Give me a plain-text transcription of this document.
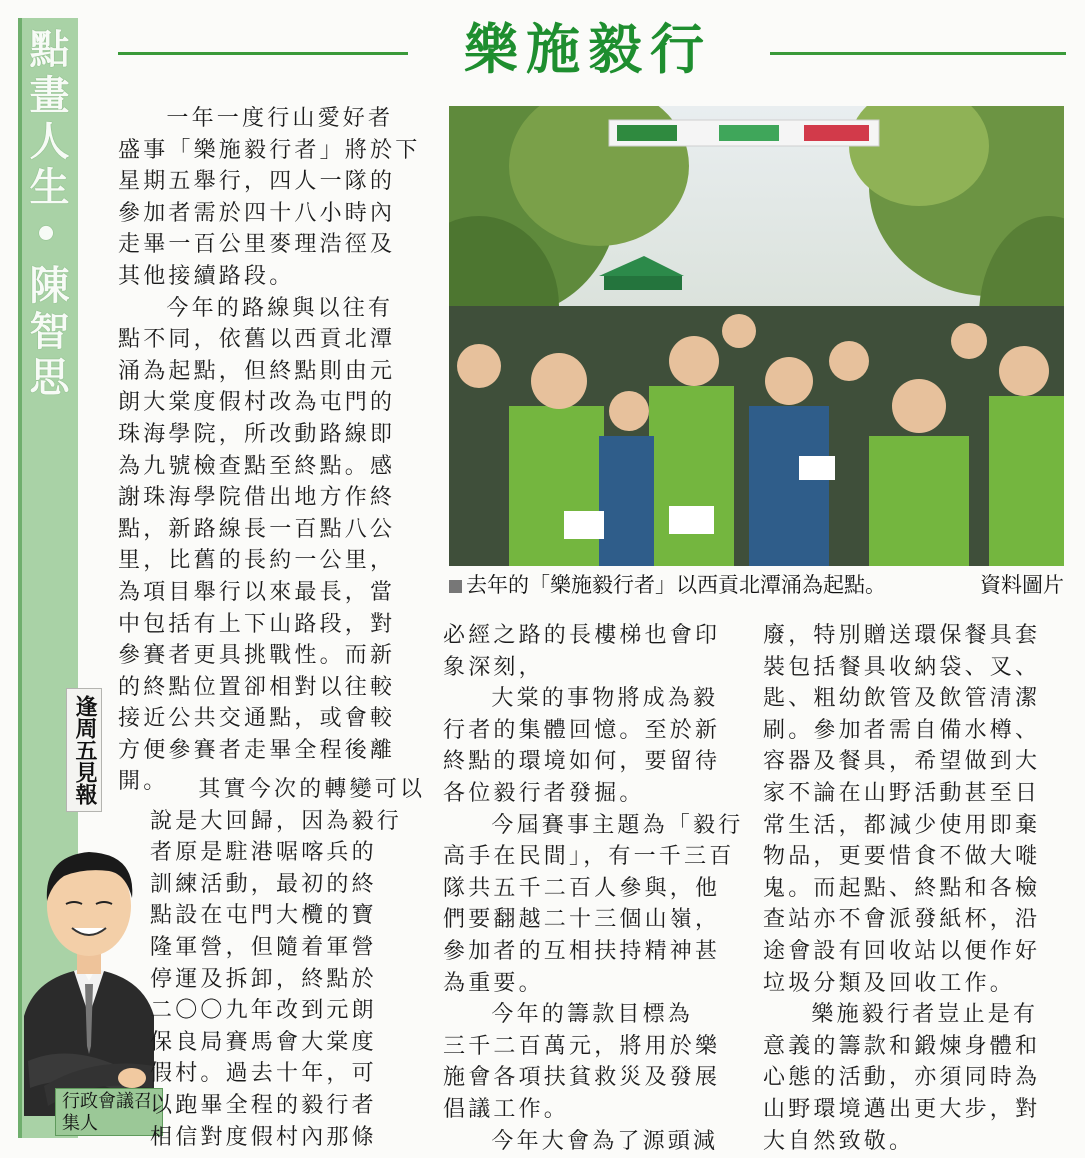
點畫人生•陳智思
逢周五見報
行政會議召集人
樂施毅行
一年一度行山愛好者
盛事「樂施毅行者」將於下
星期五舉行，四人一隊的
參加者需於四十八小時內
走畢一百公里麥理浩徑及
其他接續路段。
今年的路線與以往有
點不同，依舊以西貢北潭
涌為起點，但終點則由元
朗大棠度假村改為屯門的
珠海學院，所改動路線即
為九號檢查點至終點。感
謝珠海學院借出地方作終
點，新路線長一百點八公
里，比舊的長約一公里，
為項目舉行以來最長，當
中包括有上下山路段，對
參賽者更具挑戰性。而新
的終點位置卻相對以往較
接近公共交通點，或會較
方便參賽者走畢全程後離
開。	其實今次的轉變可以
說是大回歸，因為毅行
者原是駐港啹喀兵的
訓練活動，最初的終
點設在屯門大欖的寶
隆軍營，但隨着軍營
停運及拆卸，終點於
二〇〇九年改到元朗
保良局賽馬會大棠度
假村。過去十年，可
以跑畢全程的毅行者
相信對度假村內那條
去年的「樂施毅行者」以西貢北潭涌為起點。	資料圖片
必經之路的長樓梯也會印
象深刻，
大棠的事物將成為毅
行者的集體回憶。至於新
終點的環境如何，要留待
各位毅行者發掘。
今屆賽事主題為「毅行
高手在民間」，有一千三百
隊共五千二百人參與，他
們要翻越二十三個山嶺，
參加者的互相扶持精神甚
為重要。
今年的籌款目標為
三千二百萬元，將用於樂
施會各項扶貧救災及發展
倡議工作。
今年大會為了源頭減
廢，特別贈送環保餐具套
裝包括餐具收納袋、叉、
匙、粗幼飲管及飲管清潔
刷。參加者需自備水樽、
容器及餐具，希望做到大
家不論在山野活動甚至日
常生活，都減少使用即棄
物品，更要惜食不做大嘥
鬼。而起點、終點和各檢
查站亦不會派發紙杯，沿
途會設有回收站以便作好
垃圾分類及回收工作。
樂施毅行者豈止是有
意義的籌款和鍛煉身體和
心態的活動，亦須同時為
山野環境邁出更大步，對
大自然致敬。
